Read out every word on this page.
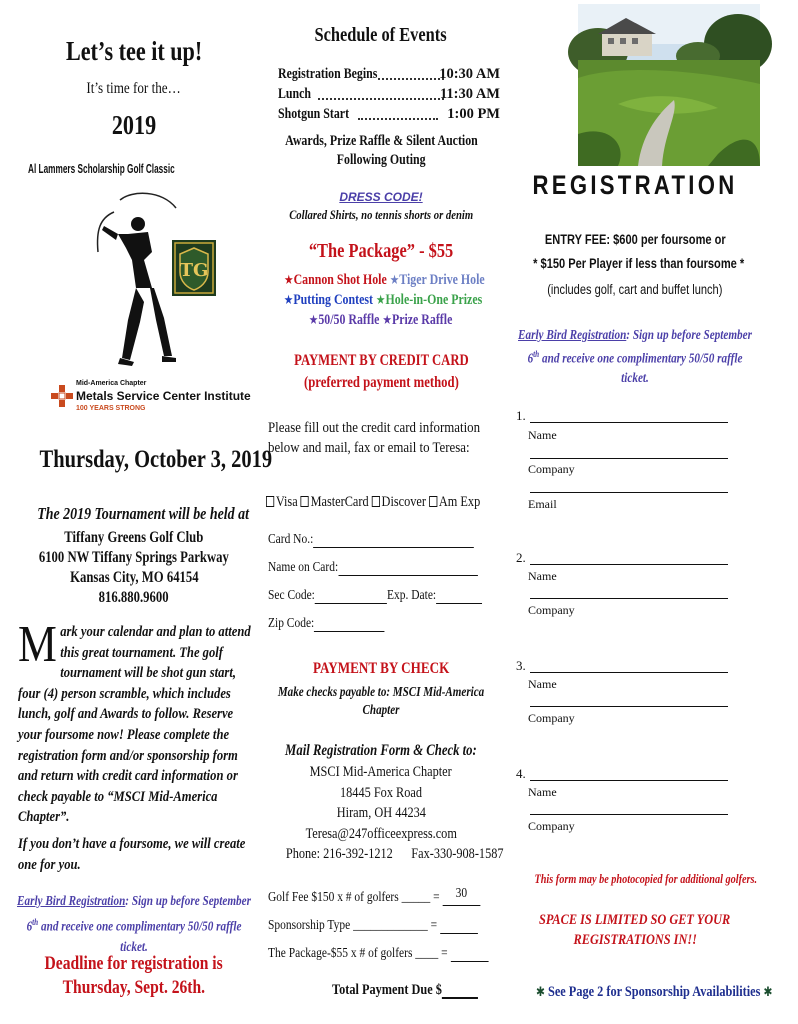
Let’s tee it up!
It’s time for the…
2019
Al Lammers Scholarship Golf Classic
TG
Mid-America Chapter
Metals Service Center Institute
100 YEARS STRONG
Thursday, October 3, 2019
The 2019 Tournament will be held at
Tiffany Greens Golf Club
6100 NW Tiffany Springs Parkway
Kansas City, MO 64154
816.880.9600
Mark your calendar and plan to attend this great tournament. The golf tournament will be shot gun start, four (4) person scramble, which includes lunch, golf and Awards to follow. Reserve your foursome now! Please complete the registration form and/or sponsorship form and return with credit card information or check payable to “MSCI Mid-America Chapter”.
If you don’t have a foursome, we will create one for you.
Early Bird Registration: Sign up before September 6th and receive one complimentary 50/50 raffle ticket.
Deadline for registration is
Thursday, Sept. 26th.
Schedule of Events
Registration Begins	10:30 AM
Lunch	11:30 AM
Shotgun Start	1:00 PM
Awards, Prize Raffle & Silent Auction
Following Outing
DRESS CODE!
Collared Shirts, no tennis shorts or denim
“The Package” - $55
★Cannon Shot Hole ★Tiger Drive Hole
★Putting Contest ★Hole-in-One Prizes
★50/50 Raffle ★Prize Raffle
PAYMENT BY CREDIT CARD
(preferred payment method)
Please fill out the credit card information below and mail, fax or email to Teresa:
Visa MasterCard Discover Am Exp
Card No.:
Name on Card:
Sec Code:	Exp. Date:
Zip Code:
PAYMENT BY CHECK
Make checks payable to: MSCI Mid-America Chapter
Mail Registration Form & Check to:
MSCI Mid-America Chapter
18445 Fox Road
Hiram, OH 44234
Teresa@247officeexpress.com
Phone: 216-392-1212 Fax-330-908-1587
Golf Fee $150 x # of golfers _____ = 30
Sponsorship Type _____________ =
The Package-$55 x # of golfers ____ =
Total Payment Due $
REGISTRATION
ENTRY FEE: $600 per foursome or
* $150 Per Player if less than foursome *
(includes golf, cart and buffet lunch)
Early Bird Registration: Sign up before September 6th and receive one complimentary 50/50 raffle ticket.
1.
Name
Company
Email
2.
Name
Company
3.
Name
Company
4.
Name
Company
This form may be photocopied for additional golfers.
SPACE IS LIMITED SO GET YOUR
REGISTRATIONS IN!!
✱ See Page 2 for Sponsorship Availabilities ✱
